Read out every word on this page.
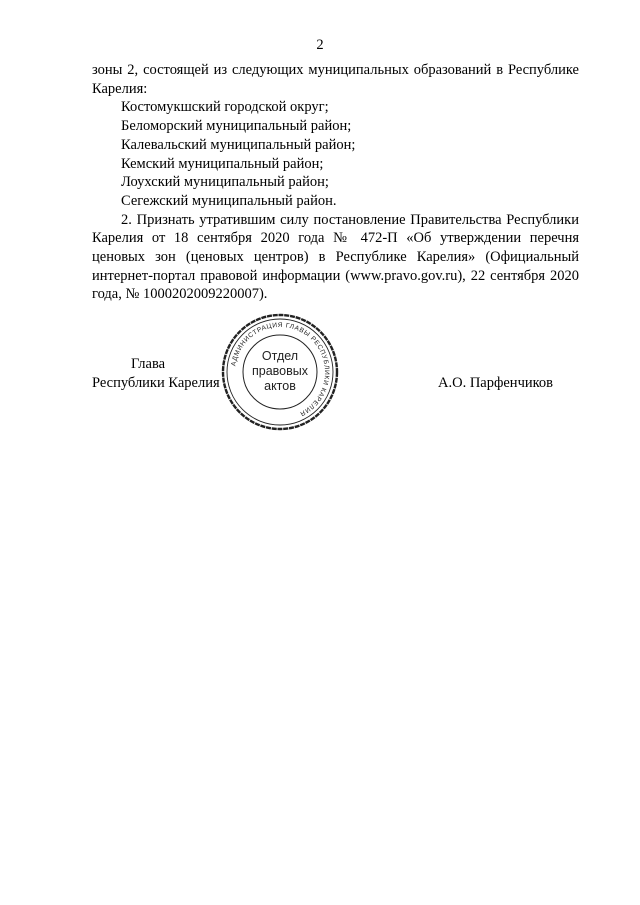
2

зоны 2, состоящей из следующих муниципальных образований в Республике Карелия:

Костомукшский городской округ;

Беломорский муниципальный район;

Калевальский муниципальный район;

Кемский муниципальный район;

Лоухский муниципальный район;

Сегежский муниципальный район.

2. Признать утратившим силу постановление Правительства Республики Карелия от 18 сентября 2020 года № 472-П «Об утверждении перечня ценовых зон (ценовых центров) в Республике Карелия» (Официальный интернет-портал правовой информации (www.pravo.gov.ru), 22 сентября 2020 года, № 1000202009220007).

Глава
Республики Карелия	А.О. Парфенчиков
АДМИНИСТРАЦИЯ ГЛАВЫ РЕСПУБЛИКИ КАРЕЛИЯ
Отдел
правовых
актов
